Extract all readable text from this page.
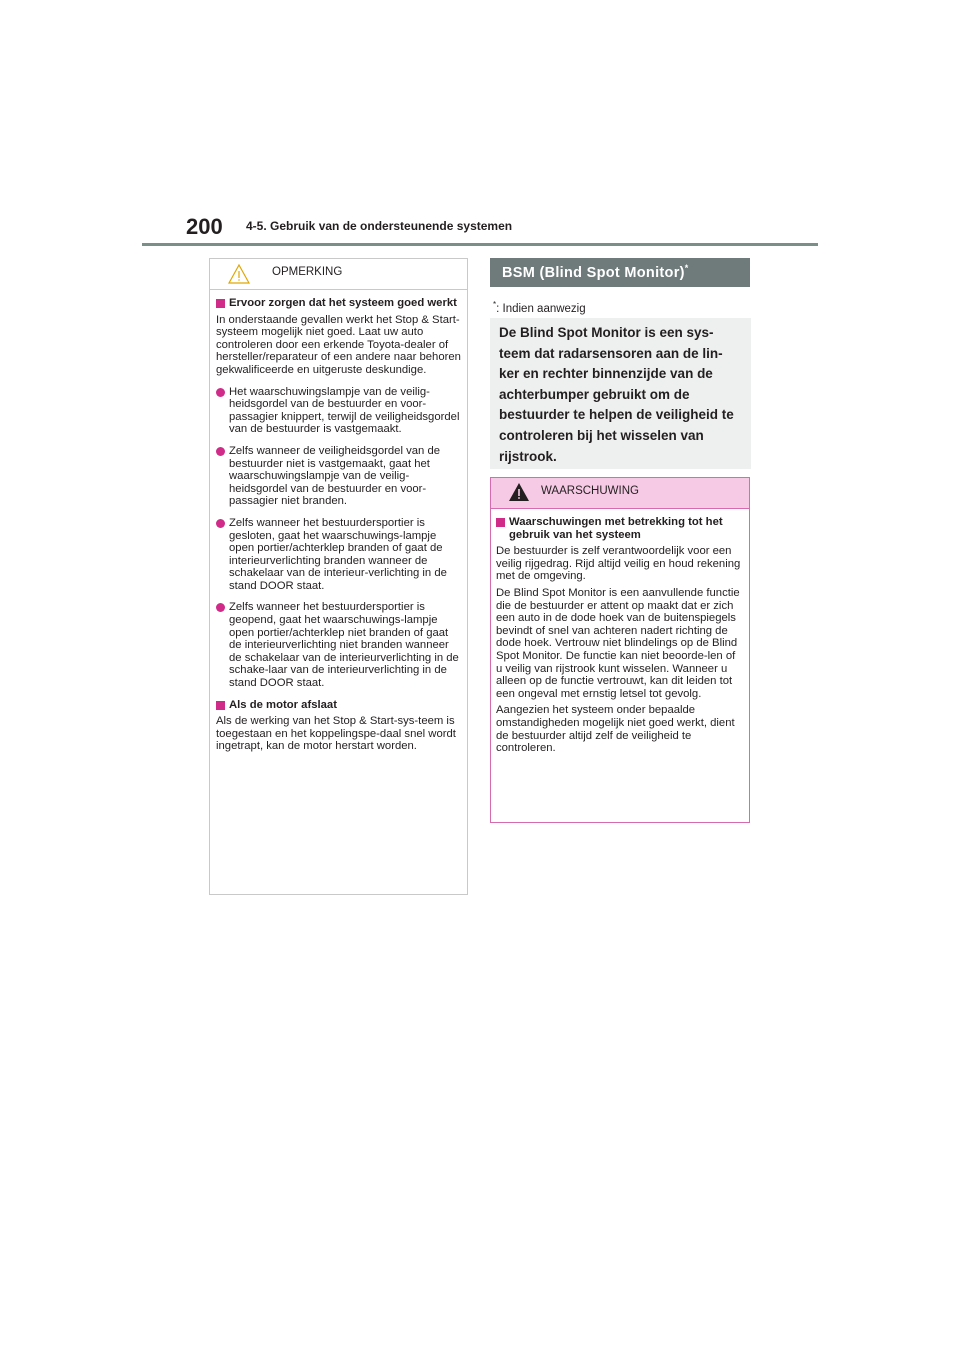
200 4-5. Gebruik van de ondersteunende systemen
OPMERKING
Ervoor zorgen dat het systeem goed werkt
In onderstaande gevallen werkt het Stop & Start-systeem mogelijk niet goed. Laat uw auto controleren door een erkende Toyota-dealer of hersteller/reparateur of een andere naar behoren gekwalificeerde en uitgeruste deskundige.
Het waarschuwingslampje van de veilig-heidsgordel van de bestuurder en voor-passagier knippert, terwijl de veiligheidsgordel van de bestuurder is vastgemaakt.
Zelfs wanneer de veiligheidsgordel van de bestuurder niet is vastgemaakt, gaat het waarschuwingslampje van de veilig-heidsgordel van de bestuurder en voor-passagier niet branden.
Zelfs wanneer het bestuurdersportier is gesloten, gaat het waarschuwings-lampje open portier/achterklep branden of gaat de interieurverlichting branden wanneer de schakelaar van de interieur-verlichting in de stand DOOR staat.
Zelfs wanneer het bestuurdersportier is geopend, gaat het waarschuwings-lampje open portier/achterklep niet branden of gaat de interieurverlichting niet branden wanneer de schakelaar van de interieurverlichting in de schake-laar van de interieurverlichting in de stand DOOR staat.
Als de motor afslaat
Als de werking van het Stop & Start-sys-teem is toegestaan en het koppelingspe-daal snel wordt ingetrapt, kan de motor herstart worden.
BSM (Blind Spot Monitor)*
*: Indien aanwezig
De Blind Spot Monitor is een sys-teem dat radarsensoren aan de lin-ker en rechter binnenzijde van de achterbumper gebruikt om de bestuurder te helpen de veiligheid te controleren bij het wisselen van rijstrook.
WAARSCHUWING
Waarschuwingen met betrekking tot het gebruik van het systeem
De bestuurder is zelf verantwoordelijk voor een veilig rijgedrag. Rijd altijd veilig en houd rekening met de omgeving.
De Blind Spot Monitor is een aanvullende functie die de bestuurder er attent op maakt dat er zich een auto in de dode hoek van de buitenspiegels bevindt of snel van achteren nadert richting de dode hoek. Vertrouw niet blindelings op de Blind Spot Monitor. De functie kan niet beoorde-len of u veilig van rijstrook kunt wisselen. Wanneer u alleen op de functie vertrouwt, kan dit leiden tot een ongeval met ernstig letsel tot gevolg.
Aangezien het systeem onder bepaalde omstandigheden mogelijk niet goed werkt, dient de bestuurder altijd zelf de veiligheid te controleren.
